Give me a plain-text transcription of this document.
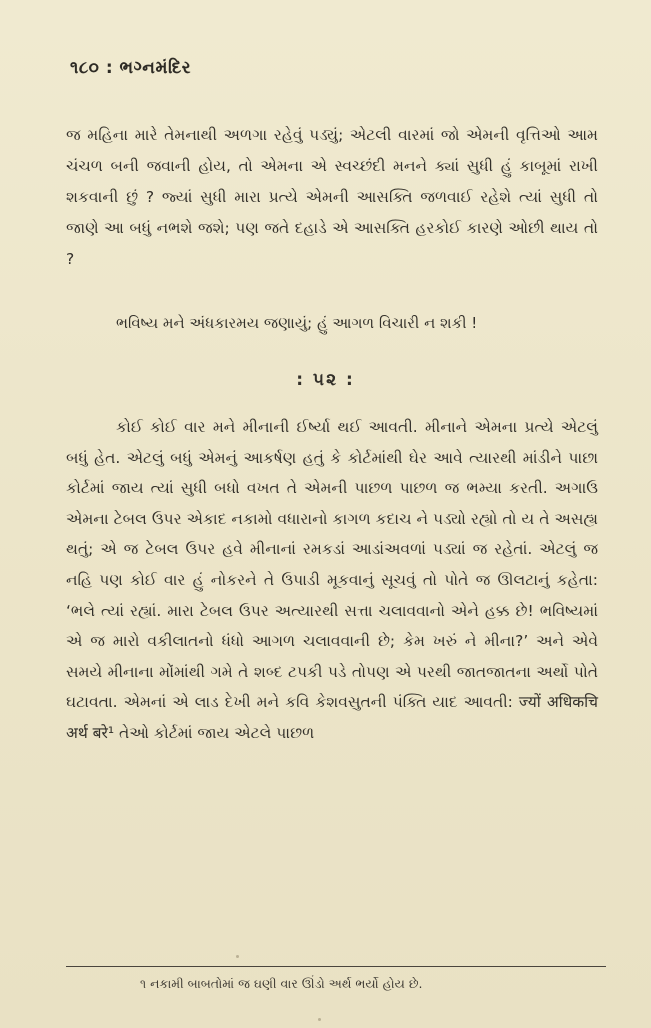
૧૮૦ : ભગ્નમંદિર

જ મહિના મારે તેમનાથી અળગા રહેવું પડ્યું; એટલી વારમાં જો એમની વૃત્તિઓ આમ ચંચળ બની જવાની હોય, તો એમના એ સ્વચ્છંદી મનને ક્યાં સુધી હું કાબૂમાં રાખી શકવાની છું ? જ્યાં સુધી મારા પ્રત્યે એમની આસક્તિ જળવાઈ રહેશે ત્યાં સુધી તો જાણે આ બધું નભશે જશે; પણ જતે દહાડે એ આસક્તિ હરકોઈ કારણે ઓછી થાય તો ?

ભવિષ્ય મને અંધકારમય જણાયું; હું આગળ વિચારી ન શકી !

: ૫૨ :

કોઈ કોઈ વાર મને મીનાની ઈર્ષ્યા થઈ આવતી. મીનાને એમના પ્રત્યે એટલું બધું હેત. એટલું બધું એમનું આકર્ષણ હતું કે કોર્ટમાંથી ઘેર આવે ત્યારથી માંડીને પાછા કોર્ટમાં જાય ત્યાં સુધી બધો વખત તે એમની પાછળ પાછળ જ ભમ્યા કરતી. અગાઉ એમના ટેબલ ઉપર એકાદ નકામો વધારાનો કાગળ કદાચ ને પડ્યો રહ્યો તો ય તે અસહ્ય થતું; એ જ ટેબલ ઉપર હવે મીનાનાં રમકડાં આડાંઅવળાં પડ્યાં જ રહેતાં. એટલું જ નહિ પણ કોઈ વાર હું નોકરને તે ઉપાડી મૂકવાનું સૂચવું તો પોતે જ ઊલટાનું કહેતા: ‘ભલે ત્યાં રહ્યાં. મારા ટેબલ ઉપર અત્યારથી સત્તા ચલાવવાનો એને હક્ક છે! ભવિષ્યમાં એ જ મારો વકીલાતનો ધંધો આગળ ચલાવવાની છે; કેમ ખરું ને મીના?’ અને એવે સમયે મીનાના મોંમાંથી ગમે તે શબ્દ ટપકી પડે તોપણ એ પરથી જાતજાતના અર્થો પોતે ઘટાવતા. એમનાં એ લાડ દેખી મને કવિ કેશવસુતની પંક્તિ યાદ આવતી: ज्यों अधिकचि अर्थ बरे¹ તેઓ કોર્ટમાં જાય એટલે પાછળ

૧ નકામી બાબતોમાં જ ઘણી વાર ઊંડો અર્થ ભર્યો હોય છે.
